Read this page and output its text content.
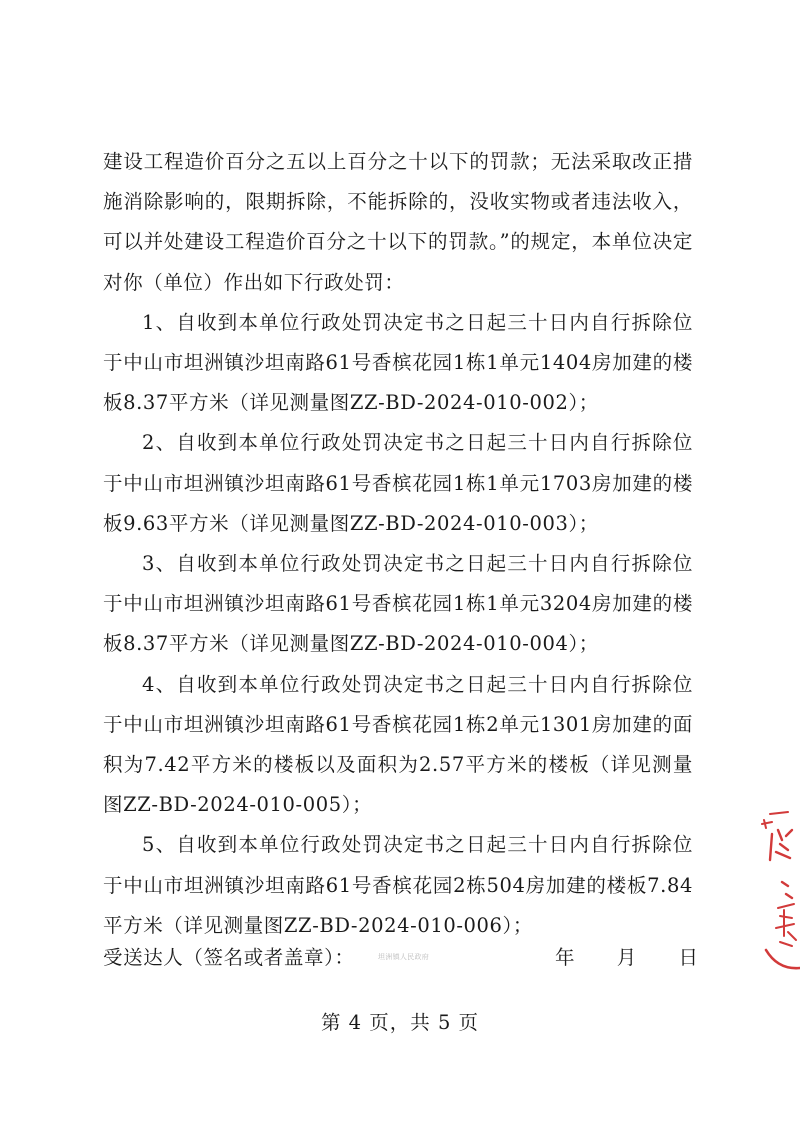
建设工程造价百分之五以上百分之十以下的罚款；无法采取改正措施消除影响的，限期拆除，不能拆除的，没收实物或者违法收入，可以并处建设工程造价百分之十以下的罚款。”的规定，本单位决定对你（单位）作出如下行政处罚：

1、自收到本单位行政处罚决定书之日起三十日内自行拆除位于中山市坦洲镇沙坦南路61号香槟花园1栋1单元1404房加建的楼板8.37平方米（详见测量图ZZ-BD-2024-010-002）；

2、自收到本单位行政处罚决定书之日起三十日内自行拆除位于中山市坦洲镇沙坦南路61号香槟花园1栋1单元1703房加建的楼板9.63平方米（详见测量图ZZ-BD-2024-010-003）；

3、自收到本单位行政处罚决定书之日起三十日内自行拆除位于中山市坦洲镇沙坦南路61号香槟花园1栋1单元3204房加建的楼板8.37平方米（详见测量图ZZ-BD-2024-010-004）；

4、自收到本单位行政处罚决定书之日起三十日内自行拆除位于中山市坦洲镇沙坦南路61号香槟花园1栋2单元1301房加建的面积为7.42平方米的楼板以及面积为2.57平方米的楼板（详见测量图ZZ-BD-2024-010-005）；

5、自收到本单位行政处罚决定书之日起三十日内自行拆除位于中山市坦洲镇沙坦南路61号香槟花园2栋504房加建的楼板7.84平方米（详见测量图ZZ-BD-2024-010-006）；

受送达人（签名或者盖章）：	坦洲镇人民政府	年 月 日
第 4 页，共 5 页
